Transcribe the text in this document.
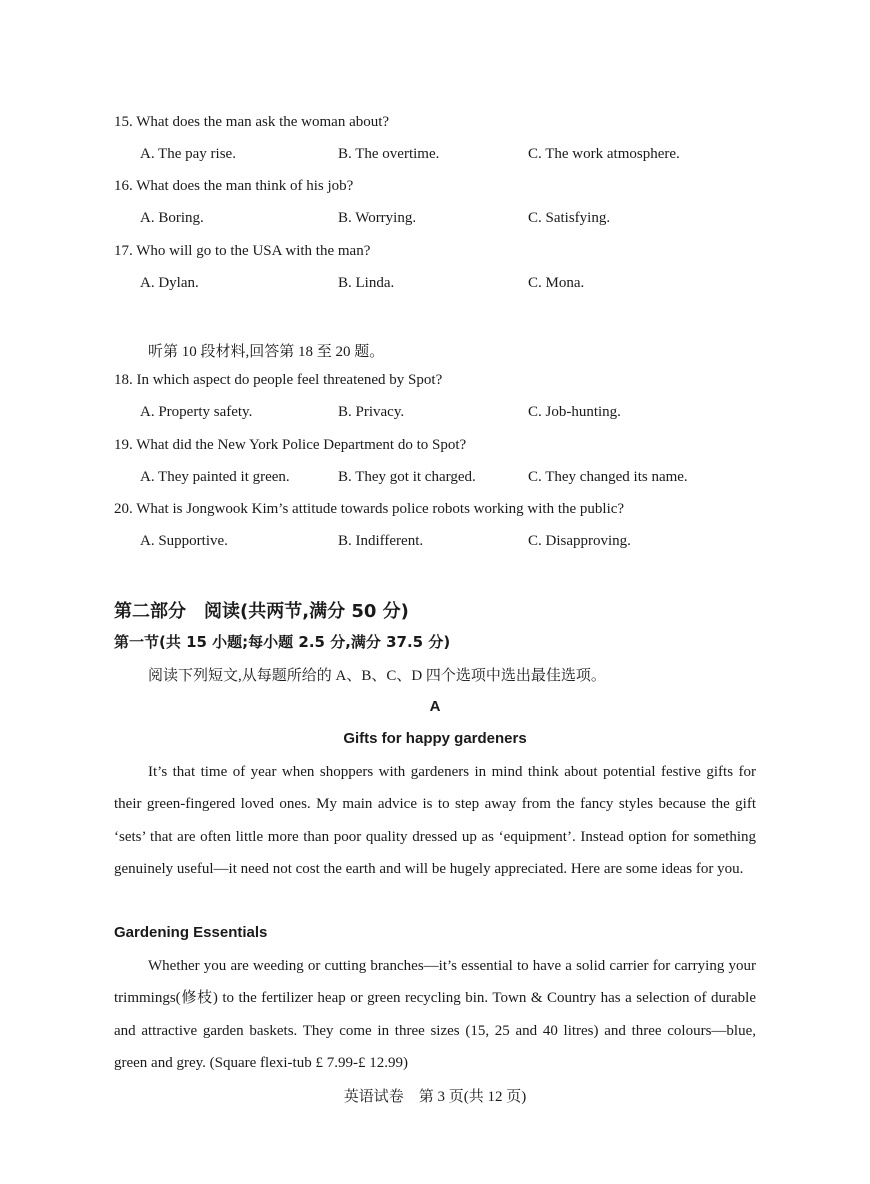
15. What does the man ask the woman about?
A. The pay rise.	B. The overtime.	C. The work atmosphere.
16. What does the man think of his job?
A. Boring.	B. Worrying.	C. Satisfying.
17. Who will go to the USA with the man?
A. Dylan.	B. Linda.	C. Mona.
听第 10 段材料,回答第 18 至 20 题。
18. In which aspect do people feel threatened by Spot?
A. Property safety.	B. Privacy.	C. Job-hunting.
19. What did the New York Police Department do to Spot?
A. They painted it green.	B. They got it charged.	C. They changed its name.
20. What is Jongwook Kim’s attitude towards police robots working with the public?
A. Supportive.	B. Indifferent.	C. Disapproving.
第二部分　阅读(共两节,满分 50 分)
第一节(共 15 小题;每小题 2.5 分,满分 37.5 分)
阅读下列短文,从每题所给的 A、B、C、D 四个选项中选出最佳选项。
A
Gifts for happy gardeners
It’s that time of year when shoppers with gardeners in mind think about potential festive gifts for their green-fingered loved ones. My main advice is to step away from the fancy styles because the gift ‘sets’ that are often little more than poor quality dressed up as ‘equipment’. Instead option for something genuinely useful—it need not cost the earth and will be hugely appreciated. Here are some ideas for you.
Gardening Essentials
Whether you are weeding or cutting branches—it’s essential to have a solid carrier for carrying your trimmings(修枝) to the fertilizer heap or green recycling bin. Town & Country has a selection of durable and attractive garden baskets. They come in three sizes (15, 25 and 40 litres) and three colours—blue, green and grey. (Square flexi-tub £ 7.99-£ 12.99)
英语试卷　第 3 页(共 12 页)
